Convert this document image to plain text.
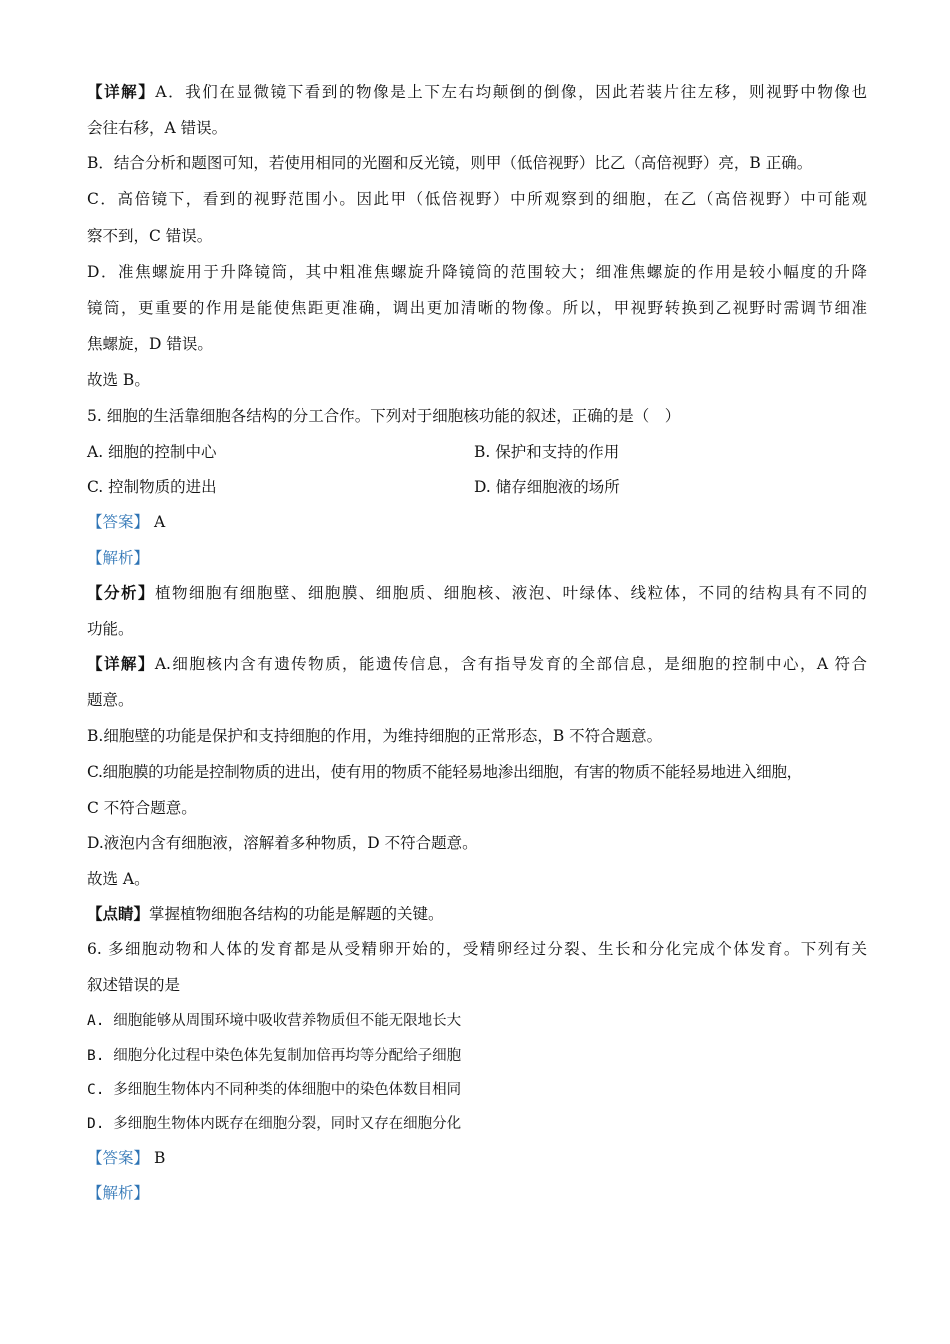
【详解】A．我们在显微镜下看到的物像是上下左右均颠倒的倒像，因此若装片往左移，则视野中物像也
会往右移，A 错误。
B．结合分析和题图可知，若使用相同的光圈和反光镜，则甲（低倍视野）比乙（高倍视野）亮，B 正确。
C．高倍镜下，看到的视野范围小。因此甲（低倍视野）中所观察到的细胞，在乙（高倍视野）中可能观
察不到，C 错误。
D．准焦螺旋用于升降镜筒，其中粗准焦螺旋升降镜筒的范围较大；细准焦螺旋的作用是较小幅度的升降
镜筒，更重要的作用是能使焦距更准确，调出更加清晰的物像。所以，甲视野转换到乙视野时需调节细准
焦螺旋，D 错误。
故选 B。
5. 细胞的生活靠细胞各结构的分工合作。下列对于细胞核功能的叙述，正确的是（　）
A. 细胞的控制中心	B. 保护和支持的作用
C. 控制物质的进出	D. 储存细胞液的场所
【答案】 A
【解析】
【分析】植物细胞有细胞壁、细胞膜、细胞质、细胞核、液泡、叶绿体、线粒体，不同的结构具有不同的
功能。
【详解】A.细胞核内含有遗传物质，能遗传信息，含有指导发育的全部信息，是细胞的控制中心，A 符合
题意。
B.细胞壁的功能是保护和支持细胞的作用，为维持细胞的正常形态，B 不符合题意。
C.细胞膜的功能是控制物质的进出，使有用的物质不能轻易地渗出细胞，有害的物质不能轻易地进入细胞，
C 不符合题意。
D.液泡内含有细胞液，溶解着多种物质，D 不符合题意。
故选 A。
【点睛】掌握植物细胞各结构的功能是解题的关键。
6. 多细胞动物和人体的发育都是从受精卵开始的，受精卵经过分裂、生长和分化完成个体发育。下列有关
叙述错误的是
A. 细胞能够从周围环境中吸收营养物质但不能无限地长大
B. 细胞分化过程中染色体先复制加倍再均等分配给子细胞
C. 多细胞生物体内不同种类的体细胞中的染色体数目相同
D. 多细胞生物体内既存在细胞分裂，同时又存在细胞分化
【答案】 B
【解析】
